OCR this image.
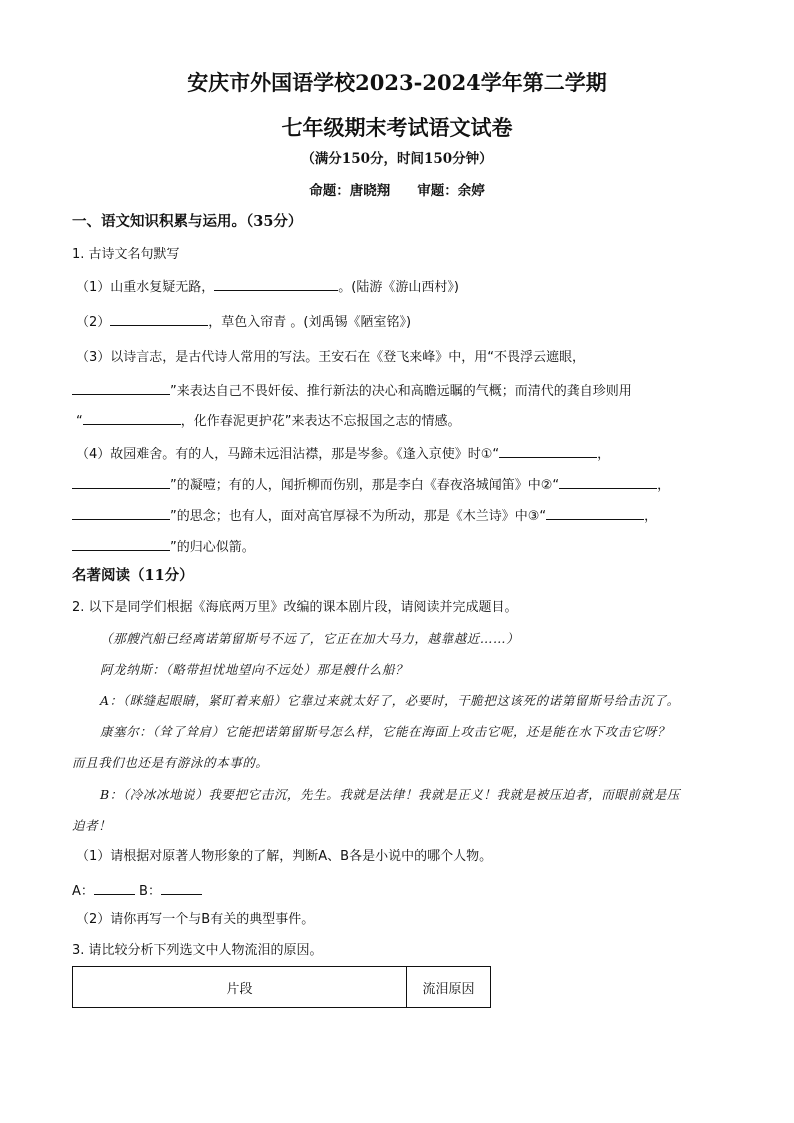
安庆市外国语学校2023-2024学年第二学期
七年级期末考试语文试卷
（满分150分，时间150分钟）
命题：唐晓翔　　审题：余婷
一、语文知识积累与运用。（35分）
1. 古诗文名句默写
（1）山重水复疑无路，	。(陆游《游山西村》)
（2）	，草色入帘青 。(刘禹锡《陋室铭》)
（3）以诗言志，是古代诗人常用的写法。王安石在《登飞来峰》中，用“不畏浮云遮眼，
”来表达自己不畏奸佞、推行新法的决心和高瞻远瞩的气概；而清代的龚自珍则用
“	，化作春泥更护花”来表达不忘报国之志的情感。
（4）故园难舍。有的人，马蹄未远泪沾襟，那是岑参。《逢入京使》时①“	，
”的凝噎；有的人，闻折柳而伤别，那是李白《春夜洛城闻笛》中②“	，
”的思念；也有人，面对高官厚禄不为所动，那是《木兰诗》中③“	，
”的归心似箭。
名著阅读（11分）
2. 以下是同学们根据《海底两万里》改编的课本剧片段，请阅读并完成题目。
（那艘汽船已经离诺第留斯号不远了，它正在加大马力，越靠越近……）
阿龙纳斯：（略带担忧地望向不远处）那是艘什么船？
A：（眯缝起眼睛，紧盯着来船）它靠过来就太好了，必要时，干脆把这该死的诺第留斯号给击沉了。
康塞尔：（耸了耸肩）它能把诺第留斯号怎么样，它能在海面上攻击它呢，还是能在水下攻击它呀？
而且我们也还是有游泳的本事的。
B：（冷冰冰地说）我要把它击沉，先生。我就是法律！我就是正义！我就是被压迫者，而眼前就是压
迫者！
（1）请根据对原著人物形象的了解，判断A、B各是小说中的哪个人物。
A：	B：
（2）请你再写一个与B有关的典型事件。
3. 请比较分析下列选文中人物流泪的原因。
片段	流泪原因
